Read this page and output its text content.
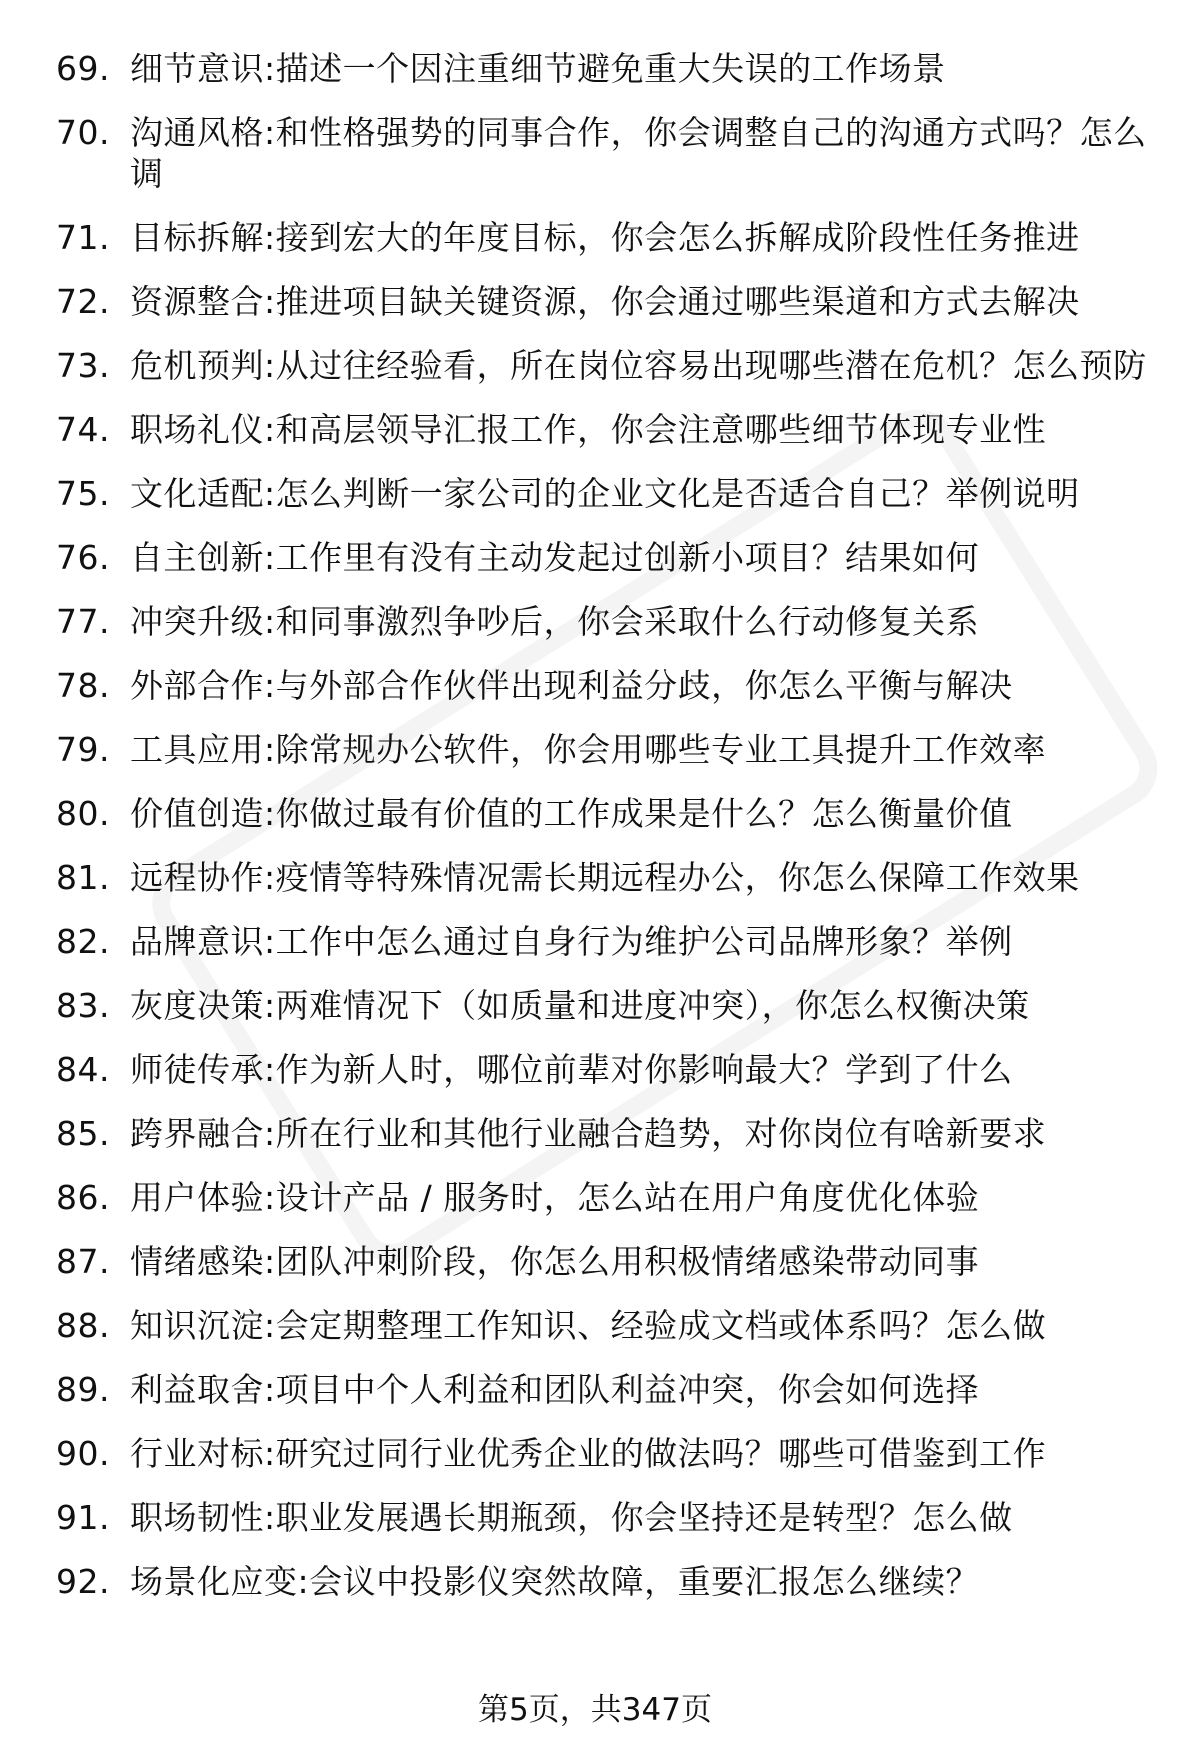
69. 细节意识:描述一个因注重细节避免重大失误的工作场景
70. 沟通风格:和性格强势的同事合作，你会调整自己的沟通方式吗？怎么调
71. 目标拆解:接到宏大的年度目标，你会怎么拆解成阶段性任务推进
72. 资源整合:推进项目缺关键资源，你会通过哪些渠道和方式去解决
73. 危机预判:从过往经验看，所在岗位容易出现哪些潜在危机？怎么预防
74. 职场礼仪:和高层领导汇报工作，你会注意哪些细节体现专业性
75. 文化适配:怎么判断一家公司的企业文化是否适合自己？举例说明
76. 自主创新:工作里有没有主动发起过创新小项目？结果如何
77. 冲突升级:和同事激烈争吵后，你会采取什么行动修复关系
78. 外部合作:与外部合作伙伴出现利益分歧，你怎么平衡与解决
79. 工具应用:除常规办公软件，你会用哪些专业工具提升工作效率
80. 价值创造:你做过最有价值的工作成果是什么？怎么衡量价值
81. 远程协作:疫情等特殊情况需长期远程办公，你怎么保障工作效果
82. 品牌意识:工作中怎么通过自身行为维护公司品牌形象？举例
83. 灰度决策:两难情况下（如质量和进度冲突），你怎么权衡决策
84. 师徒传承:作为新人时，哪位前辈对你影响最大？学到了什么
85. 跨界融合:所在行业和其他行业融合趋势，对你岗位有啥新要求
86. 用户体验:设计产品 / 服务时，怎么站在用户角度优化体验
87. 情绪感染:团队冲刺阶段，你怎么用积极情绪感染带动同事
88. 知识沉淀:会定期整理工作知识、经验成文档或体系吗？怎么做
89. 利益取舍:项目中个人利益和团队利益冲突，你会如何选择
90. 行业对标:研究过同行业优秀企业的做法吗？哪些可借鉴到工作
91. 职场韧性:职业发展遇长期瓶颈，你会坚持还是转型？怎么做
92. 场景化应变:会议中投影仪突然故障，重要汇报怎么继续？
第5页，共347页
